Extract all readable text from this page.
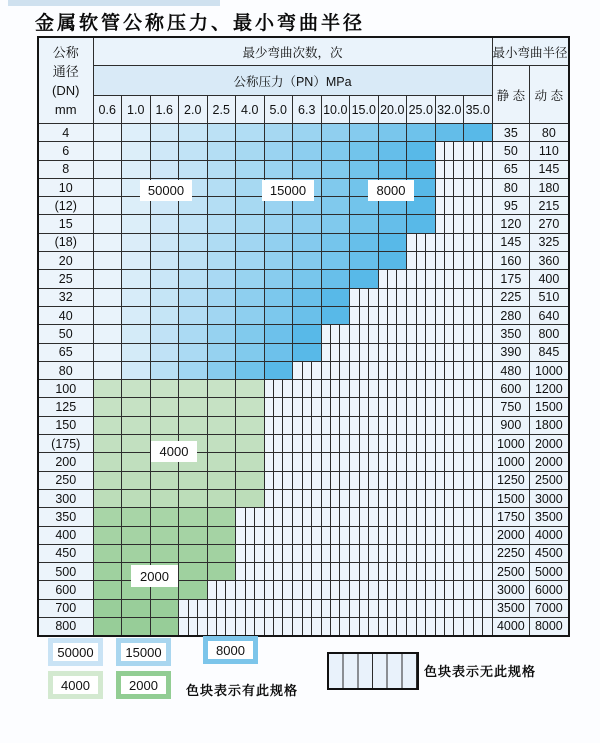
金属软管公称压力、最小弯曲半径
公称
通径
(DN)
mm	最少弯曲次数，次														最小弯曲半径	
	公称压力（PN）MPa														静 态	动 态
	0.6	1.0	1.6	2.0	2.5	4.0	5.0	6.3	10.0	15.0	20.0	25.0	32.0	35.0		
4															35	80
6															50	110
8															65	145
10															80	180
(12)															95	215
15															120	270
(18)															145	325
20															160	360
25															175	400
32															225	510
40															280	640
50															350	800
65															390	845
80															480	1000
100															600	1200
125															750	1500
150															900	1800
(175)															1000	2000
200															1000	2000
250															1250	2500
300															1500	3000
350															1750	3500
400															2000	4000
450															2250	4500
500															2500	5000
600															3000	6000
700															3500	7000
800															4000	8000
50000	15000	8000
4000
2000
色块表示有此规格
色块表示无此规格
50000	15000	8000
4000	2000
